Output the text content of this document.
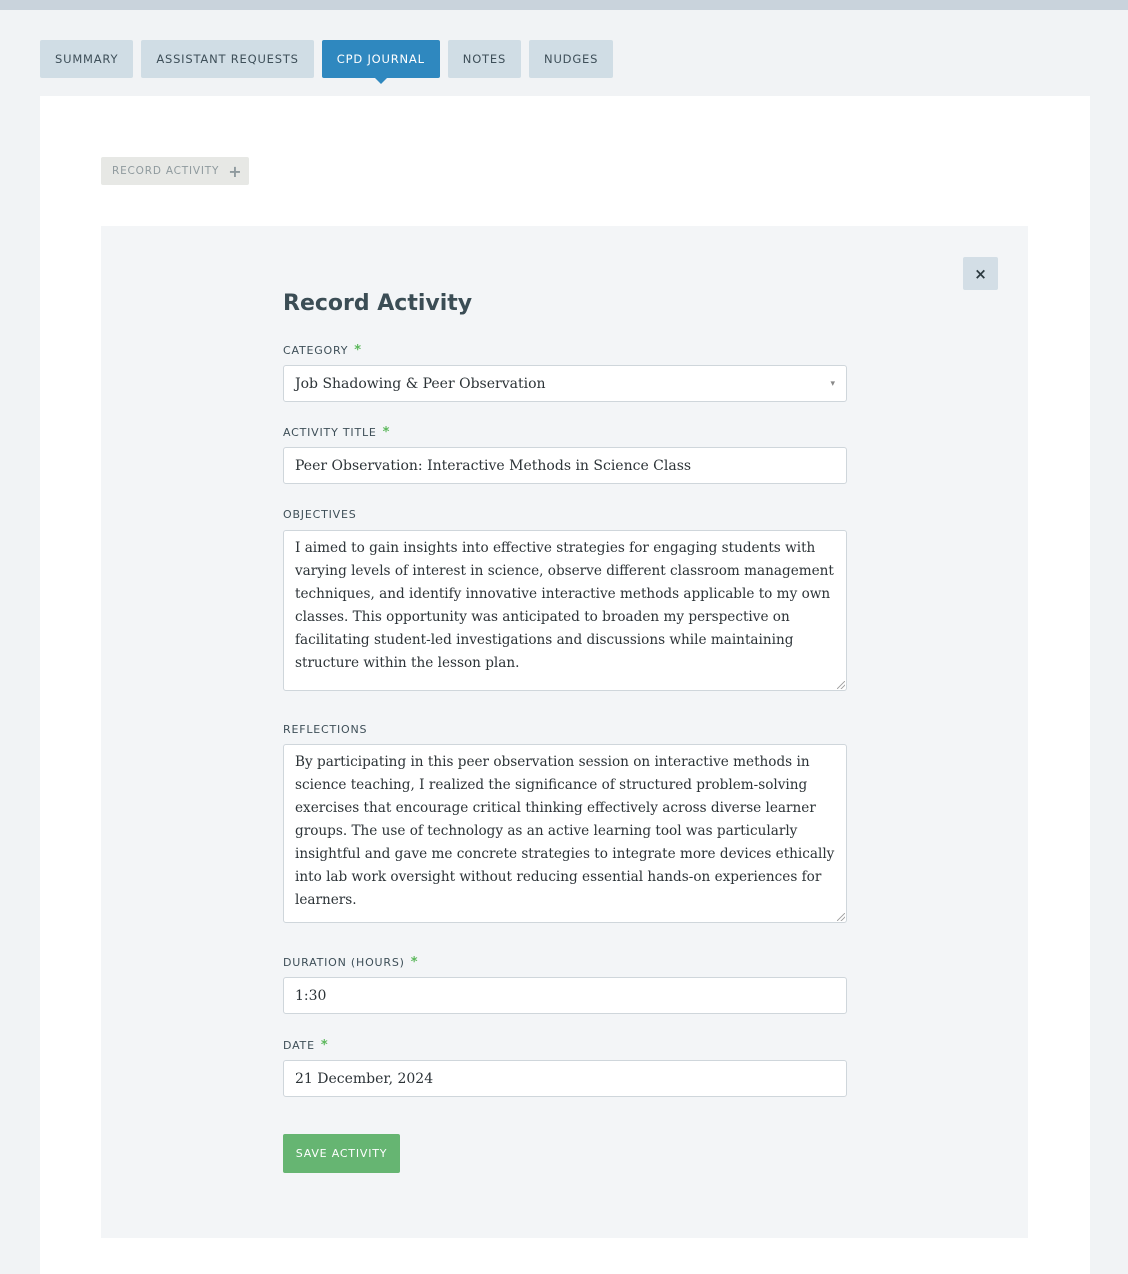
SUMMARY	ASSISTANT REQUESTS	CPD JOURNAL	NOTES	NUDGES
RECORD ACTIVITY +
×
Record Activity
CATEGORY *
Job Shadowing & Peer Observation	▾
ACTIVITY TITLE *
Peer Observation: Interactive Methods in Science Class
OBJECTIVES
I aimed to gain insights into effective strategies for engaging students with varying levels of interest in science, observe different classroom management techniques, and identify innovative interactive methods applicable to my own classes. This opportunity was anticipated to broaden my perspective on facilitating student-led investigations and discussions while maintaining structure within the lesson plan.
REFLECTIONS
By participating in this peer observation session on interactive methods in science teaching, I realized the significance of structured problem-solving exercises that encourage critical thinking effectively across diverse learner groups. The use of technology as an active learning tool was particularly insightful and gave me concrete strategies to integrate more devices ethically into lab work oversight without reducing essential hands-on experiences for learners.
DURATION (HOURS) *
1:30
DATE *
21 December, 2024
SAVE ACTIVITY
